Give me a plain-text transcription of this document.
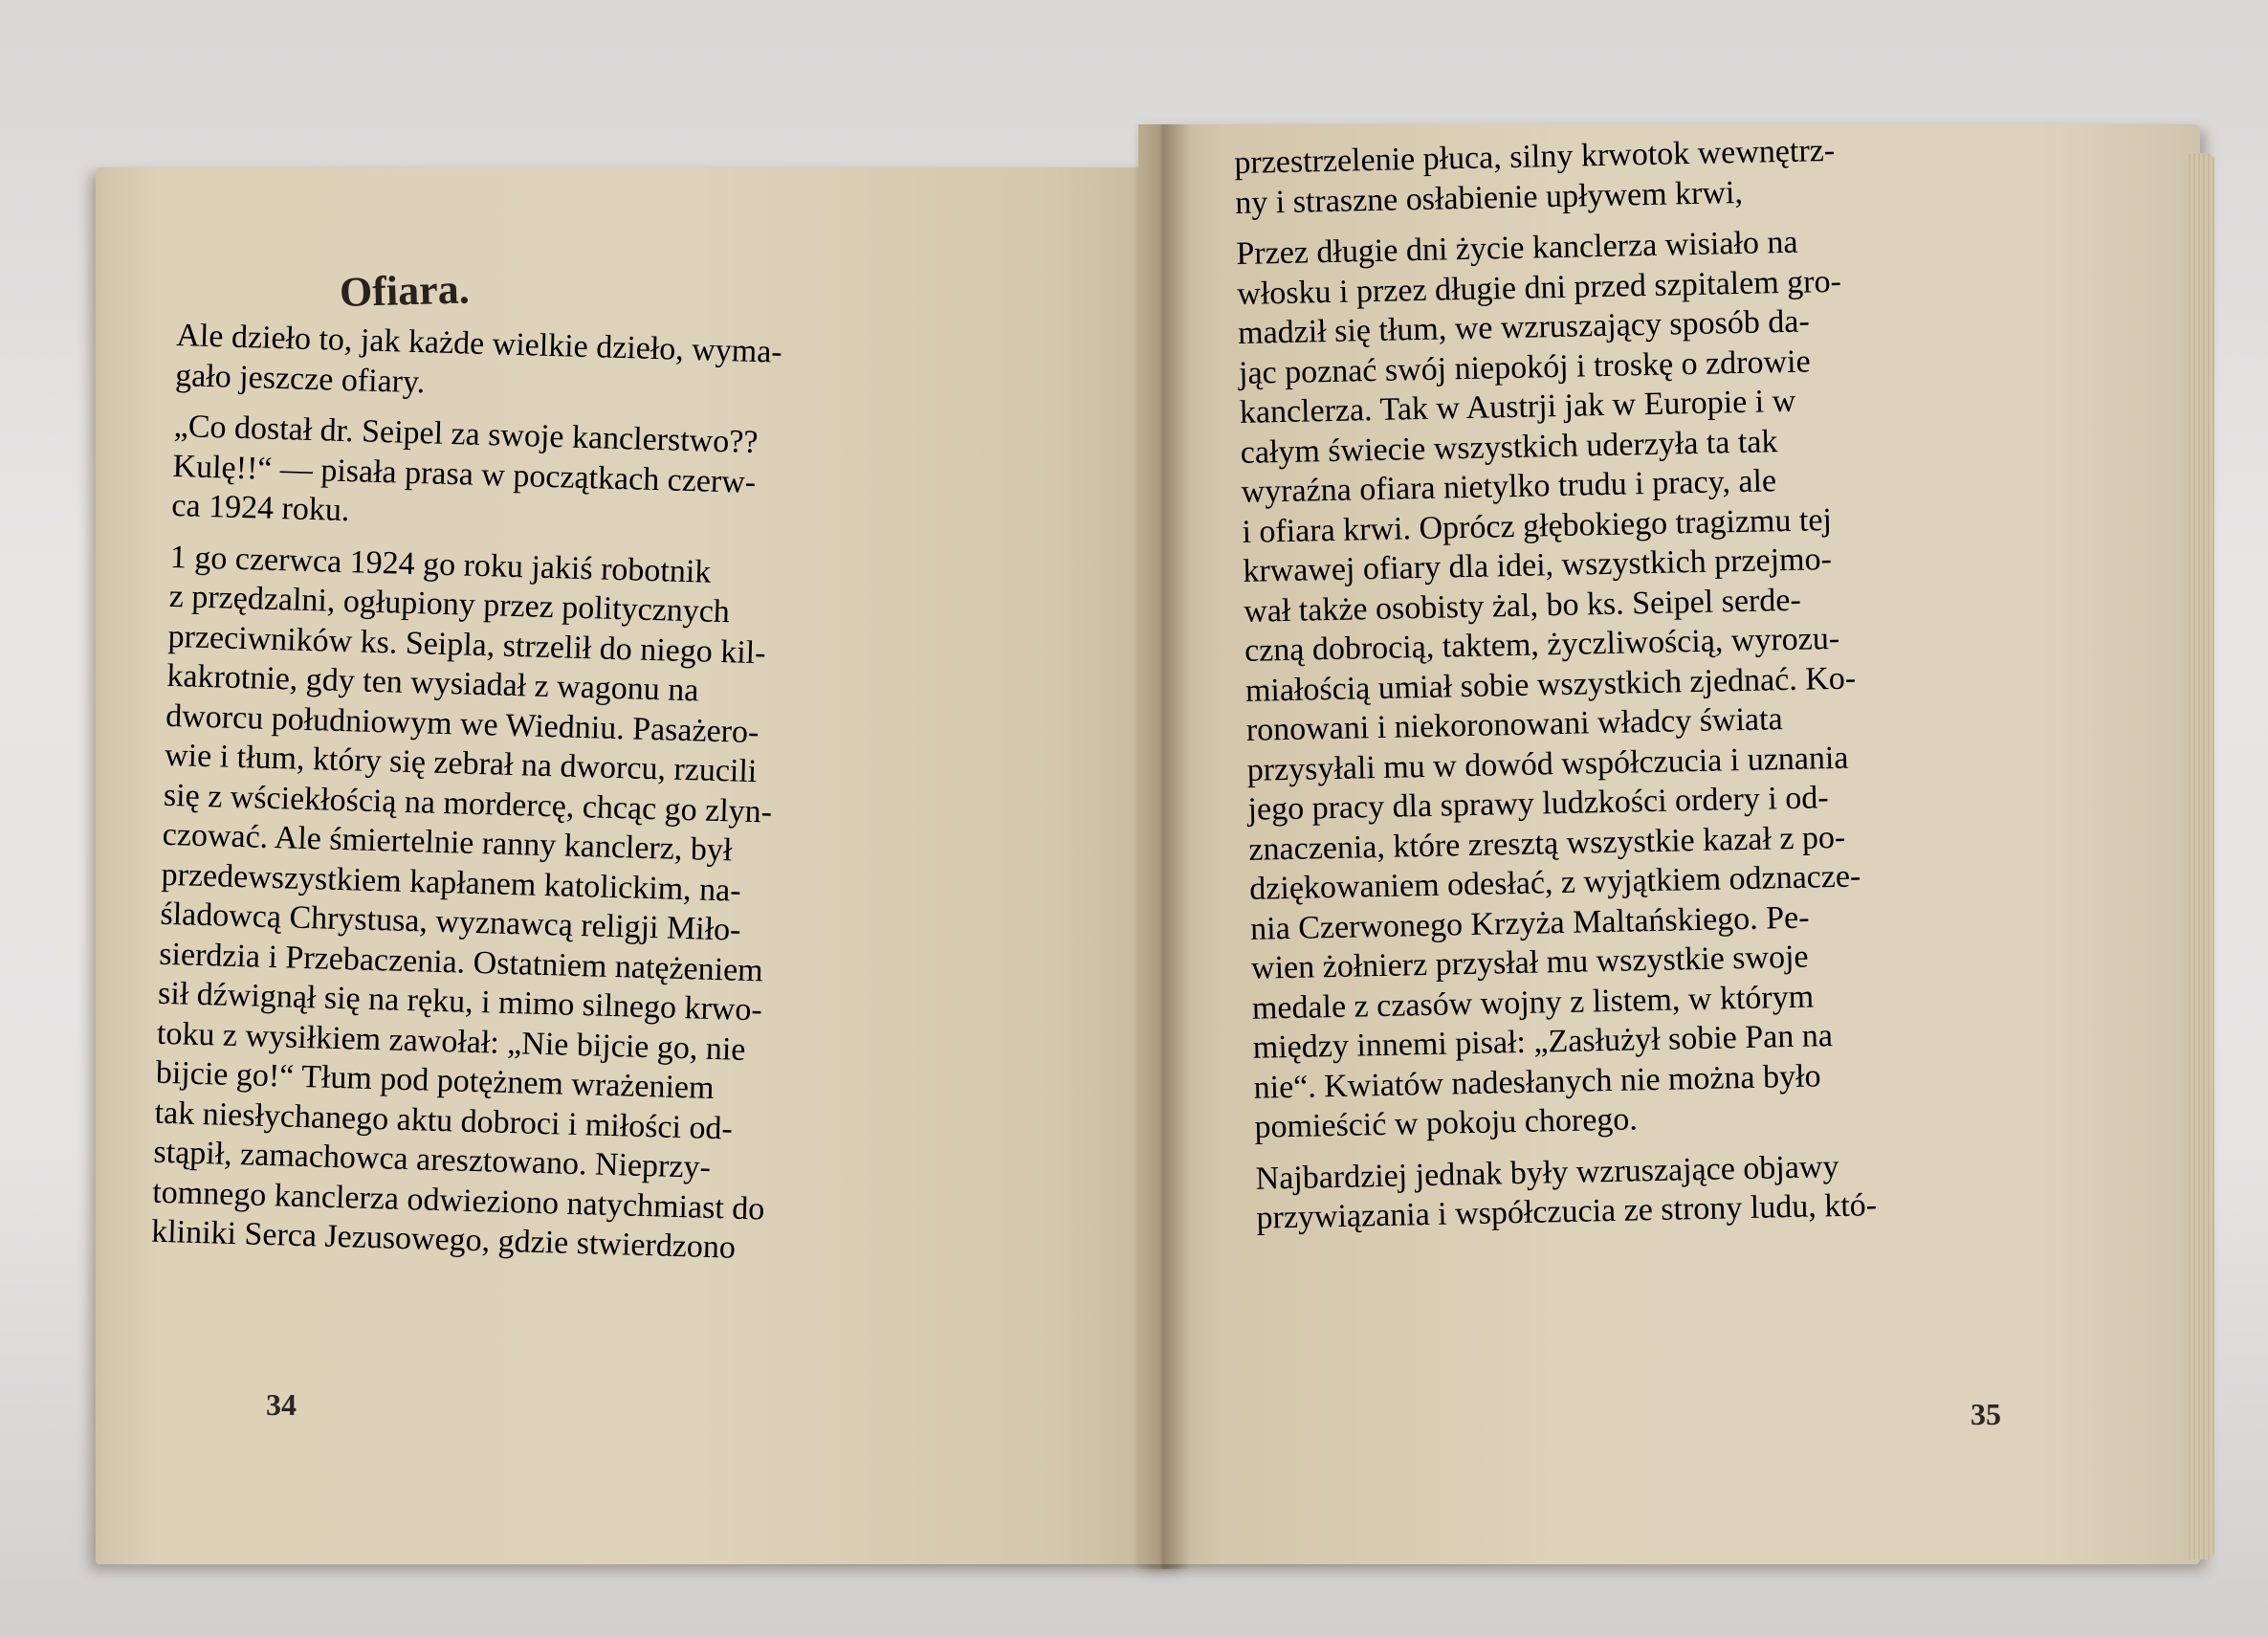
Ofiara.
Ale dzieło to, jak każde wielkie dzieło, wyma-
gało jeszcze ofiary.
„Co dostał dr. Seipel za swoje kanclerstwo??
Kulę!!“ — pisała prasa w początkach czerw-
ca 1924 roku.
1 go czerwca 1924 go roku jakiś robotnik
z przędzalni, ogłupiony przez politycznych
przeciwników ks. Seipla, strzelił do niego kil-
kakrotnie, gdy ten wysiadał z wagonu na
dworcu południowym we Wiedniu. Pasażero-
wie i tłum, który się zebrał na dworcu, rzucili
się z wściekłością na mordercę, chcąc go zlyn-
czować. Ale śmiertelnie ranny kanclerz, był
przedewszystkiem kapłanem katolickim, na-
śladowcą Chrystusa, wyznawcą religji Miło-
sierdzia i Przebaczenia. Ostatniem natężeniem
sił dźwignął się na ręku, i mimo silnego krwo-
toku z wysiłkiem zawołał: „Nie bijcie go, nie
bijcie go!“ Tłum pod potężnem wrażeniem
tak niesłychanego aktu dobroci i miłości od-
stąpił, zamachowca aresztowano. Nieprzy-
tomnego kanclerza odwieziono natychmiast do
kliniki Serca Jezusowego, gdzie stwierdzono
34
przestrzelenie płuca, silny krwotok wewnętrz-
ny i straszne osłabienie upływem krwi,
Przez długie dni życie kanclerza wisiało na
włosku i przez długie dni przed szpitalem gro-
madził się tłum, we wzruszający sposób da-
jąc poznać swój niepokój i troskę o zdrowie
kanclerza. Tak w Austrji jak w Europie i w
całym świecie wszystkich uderzyła ta tak
wyraźna ofiara nietylko trudu i pracy, ale
i ofiara krwi. Oprócz głębokiego tragizmu tej
krwawej ofiary dla idei, wszystkich przejmo-
wał także osobisty żal, bo ks. Seipel serde-
czną dobrocią, taktem, życzliwością, wyrozu-
miałością umiał sobie wszystkich zjednać. Ko-
ronowani i niekoronowani władcy świata
przysyłali mu w dowód współczucia i uznania
jego pracy dla sprawy ludzkości ordery i od-
znaczenia, które zresztą wszystkie kazał z po-
dziękowaniem odesłać, z wyjątkiem odznacze-
nia Czerwonego Krzyża Maltańskiego. Pe-
wien żołnierz przysłał mu wszystkie swoje
medale z czasów wojny z listem, w którym
między innemi pisał: „Zasłużył sobie Pan na
nie“. Kwiatów nadesłanych nie można było
pomieścić w pokoju chorego.
Najbardziej jednak były wzruszające objawy
przywiązania i współczucia ze strony ludu, któ-
35
